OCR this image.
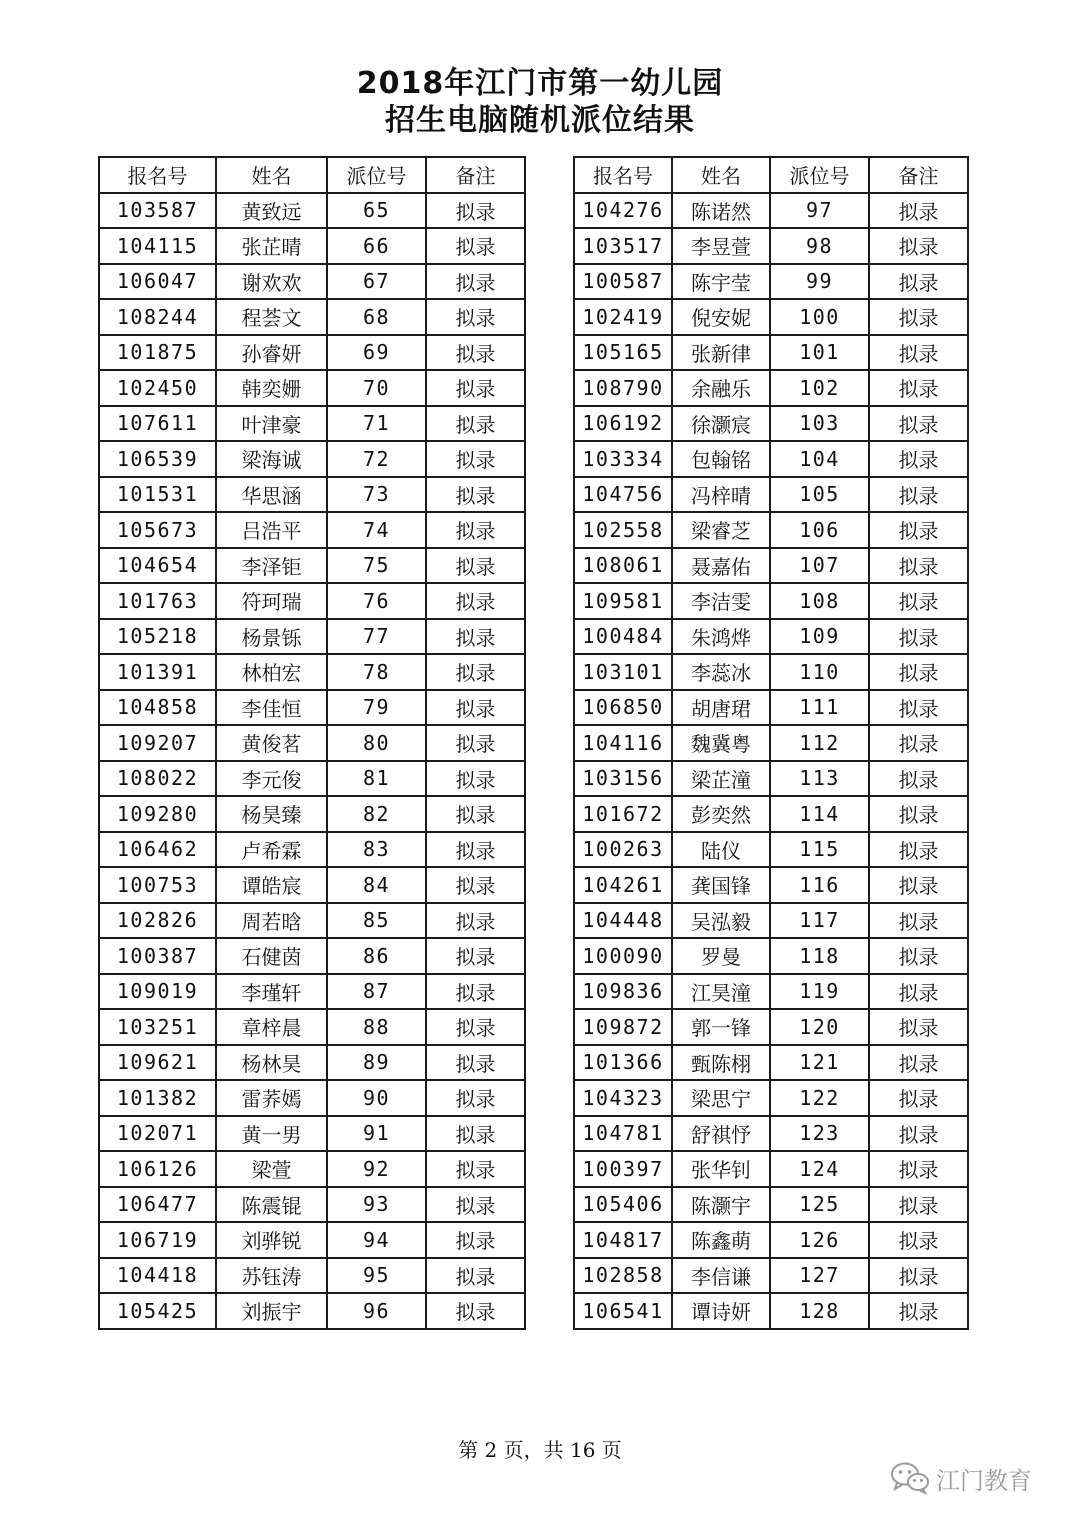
2018年江门市第一幼儿园
招生电脑随机派位结果
报名号	姓名	派位号	备注
103587	黄致远	65	拟录
104115	张芷晴	66	拟录
106047	谢欢欢	67	拟录
108244	程荟文	68	拟录
101875	孙睿妍	69	拟录
102450	韩奕姗	70	拟录
107611	叶津豪	71	拟录
106539	梁海诚	72	拟录
101531	华思涵	73	拟录
105673	吕浩平	74	拟录
104654	李泽钜	75	拟录
101763	符珂瑞	76	拟录
105218	杨景铄	77	拟录
101391	林柏宏	78	拟录
104858	李佳恒	79	拟录
109207	黄俊茗	80	拟录
108022	李元俊	81	拟录
109280	杨昊臻	82	拟录
106462	卢希霖	83	拟录
100753	谭皓宸	84	拟录
102826	周若晗	85	拟录
100387	石健茵	86	拟录
109019	李瑾轩	87	拟录
103251	章梓晨	88	拟录
109621	杨林昊	89	拟录
101382	雷荞嫣	90	拟录
102071	黄一男	91	拟录
106126	梁萱	92	拟录
106477	陈震锟	93	拟录
106719	刘骅锐	94	拟录
104418	苏钰涛	95	拟录
105425	刘振宇	96	拟录
报名号	姓名	派位号	备注
104276	陈诺然	97	拟录
103517	李昱萱	98	拟录
100587	陈宇莹	99	拟录
102419	倪安妮	100	拟录
105165	张新律	101	拟录
108790	余融乐	102	拟录
106192	徐灏宸	103	拟录
103334	包翰铭	104	拟录
104756	冯梓晴	105	拟录
102558	梁睿芝	106	拟录
108061	聂嘉佑	107	拟录
109581	李洁雯	108	拟录
100484	朱鸿烨	109	拟录
103101	李蕊冰	110	拟录
106850	胡唐珺	111	拟录
104116	魏冀粤	112	拟录
103156	梁芷潼	113	拟录
101672	彭奕然	114	拟录
100263	陆仪	115	拟录
104261	龚国锋	116	拟录
104448	吴泓毅	117	拟录
100090	罗曼	118	拟录
109836	江昊潼	119	拟录
109872	郭一锋	120	拟录
101366	甄陈栩	121	拟录
104323	梁思宁	122	拟录
104781	舒祺忬	123	拟录
100397	张华钊	124	拟录
105406	陈灏宇	125	拟录
104817	陈鑫萌	126	拟录
102858	李信谦	127	拟录
106541	谭诗妍	128	拟录
第 2 页，共 16 页
江门教育
